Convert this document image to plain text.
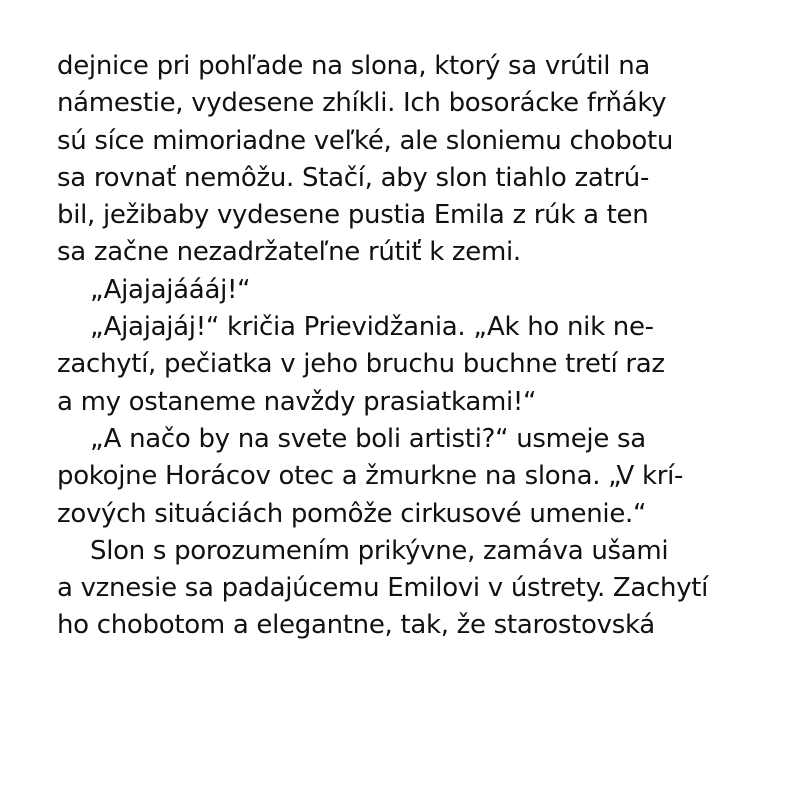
dejnice pri pohľade na slona, ktorý sa vrútil na
námestie, vydesene zhíkli. Ich bosorácke frňáky
sú síce mimoriadne veľké, ale sloniemu chobotu
sa rovnať nemôžu. Stačí, aby slon tiahlo zatrú-
bil, ježibaby vydesene pustia Emila z rúk a ten
sa začne nezadržateľne rútiť k zemi.
„Ajajajáááj!“
„Ajajajáj!“ kričia Prievidžania. „Ak ho nik ne-
zachytí, pečiatka v jeho bruchu buchne tretí raz
a my ostaneme navždy prasiatkami!“
„A načo by na svete boli artisti?“ usmeje sa
pokojne Horácov otec a žmurkne na slona. „V krí-
zových situáciách pomôže cirkusové umenie.“
Slon s porozumením prikývne, zamáva ušami
a vznesie sa padajúcemu Emilovi v ústrety. Zachytí
ho chobotom a elegantne, tak, že starostovská
